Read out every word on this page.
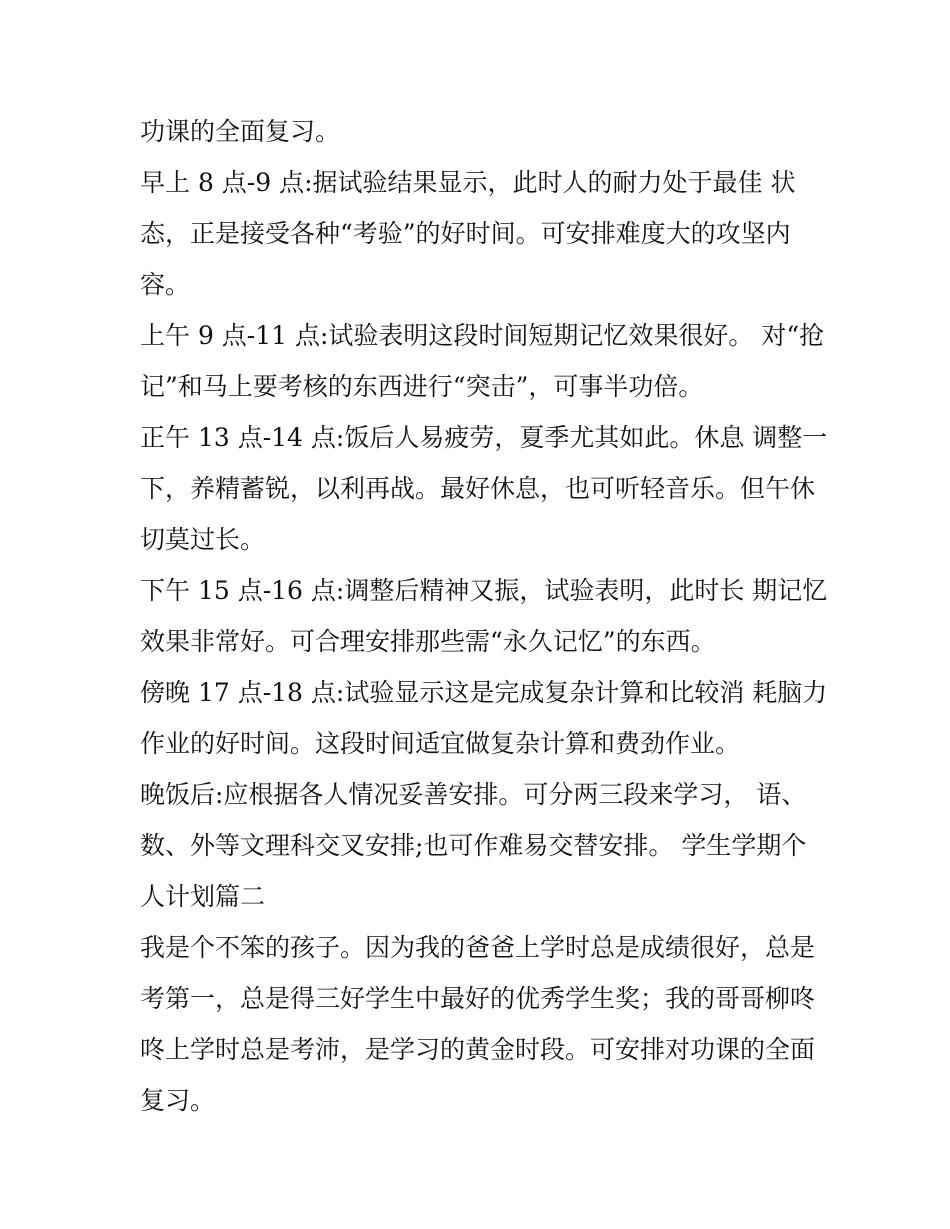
功课的全面复习。
早上 8 点-9 点:据试验结果显示，此时人的耐力处于最佳 状
态，正是接受各种“考验”的好时间。可安排难度大的攻坚内
容。
上午 9 点-11 点:试验表明这段时间短期记忆效果很好。 对“抢
记”和马上要考核的东西进行“突击”，可事半功倍。
正午 13 点-14 点:饭后人易疲劳，夏季尤其如此。休息 调整一
下，养精蓄锐，以利再战。最好休息，也可听轻音乐。但午休
切莫过长。
下午 15 点-16 点:调整后精神又振，试验表明，此时长 期记忆
效果非常好。可合理安排那些需“永久记忆”的东西。
傍晚 17 点-18 点:试验显示这是完成复杂计算和比较消 耗脑力
作业的好时间。这段时间适宜做复杂计算和费劲作业。
晚饭后:应根据各人情况妥善安排。可分两三段来学习， 语、
数、外等文理科交叉安排;也可作难易交替安排。 学生学期个
人计划篇二
我是个不笨的孩子。因为我的爸爸上学时总是成绩很好，总是
考第一，总是得三好学生中最好的优秀学生奖；我的哥哥柳咚
咚上学时总是考沛，是学习的黄金时段。可安排对功课的全面
复习。
